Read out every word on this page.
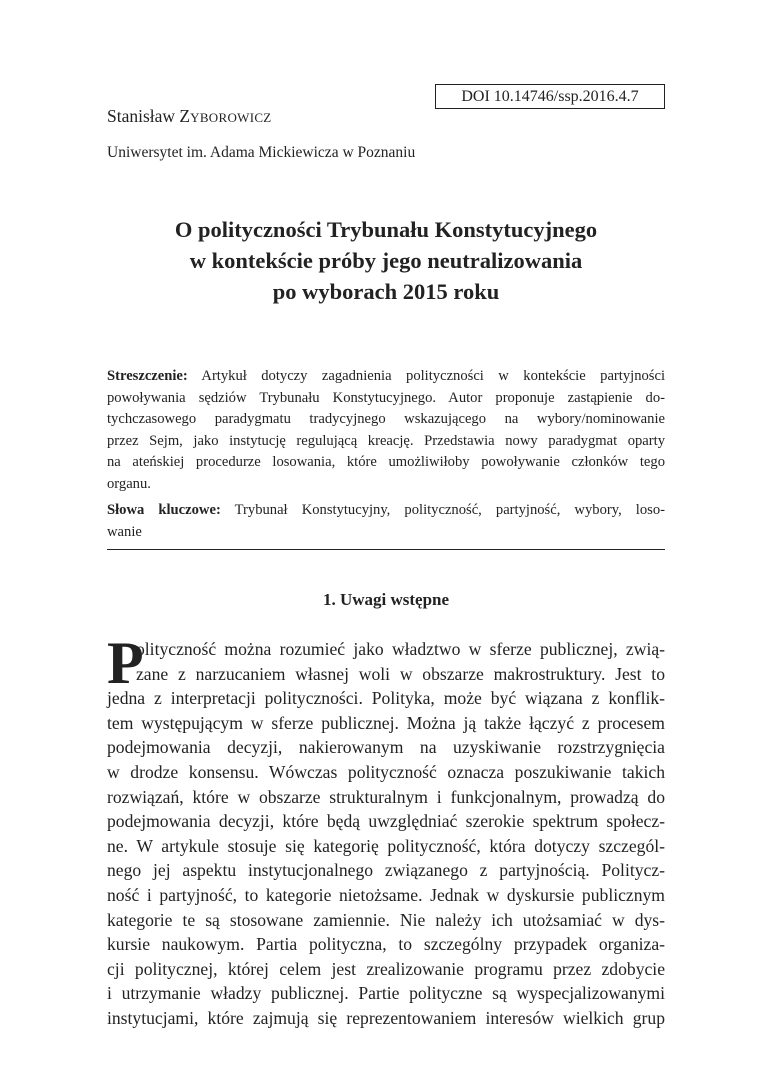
DOI 10.14746/ssp.2016.4.7
Stanisław ZYBOROWICZ
Uniwersytet im. Adama Mickiewicza w Poznaniu
O polityczności Trybunału Konstytucyjnego
w kontekście próby jego neutralizowania
po wyborach 2015 roku
Streszczenie: Artykuł dotyczy zagadnienia polityczności w kontekście partyjności
powoływania sędziów Trybunału Konstytucyjnego. Autor proponuje zastąpienie do-
tychczasowego paradygmatu tradycyjnego wskazującego na wybory/nominowanie
przez Sejm, jako instytucję regulującą kreację. Przedstawia nowy paradygmat oparty
na ateńskiej procedurze losowania, które umożliwiłoby powoływanie członków tego
organu.
Słowa kluczowe: Trybunał Konstytucyjny, polityczność, partyjność, wybory, loso-
wanie
1. Uwagi wstępne
P
olityczność można rozumieć jako władztwo w sferze publicznej, zwią-
zane z narzucaniem własnej woli w obszarze makrostruktury. Jest to
jedna z interpretacji polityczności. Polityka, może być wiązana z konflik-
tem występującym w sferze publicznej. Można ją także łączyć z procesem
podejmowania decyzji, nakierowanym na uzyskiwanie rozstrzygnięcia
w drodze konsensu. Wówczas polityczność oznacza poszukiwanie takich
rozwiązań, które w obszarze strukturalnym i funkcjonalnym, prowadzą do
podejmowania decyzji, które będą uwzględniać szerokie spektrum społecz-
ne. W artykule stosuje się kategorię polityczność, która dotyczy szczegól-
nego jej aspektu instytucjonalnego związanego z partyjnością. Politycz-
ność i partyjność, to kategorie nietożsame. Jednak w dyskursie publicznym
kategorie te są stosowane zamiennie. Nie należy ich utożsamiać w dys-
kursie naukowym. Partia polityczna, to szczególny przypadek organiza-
cji politycznej, której celem jest zrealizowanie programu przez zdobycie
i utrzymanie władzy publicznej. Partie polityczne są wyspecjalizowanymi
instytucjami, które zajmują się reprezentowaniem interesów wielkich grup
